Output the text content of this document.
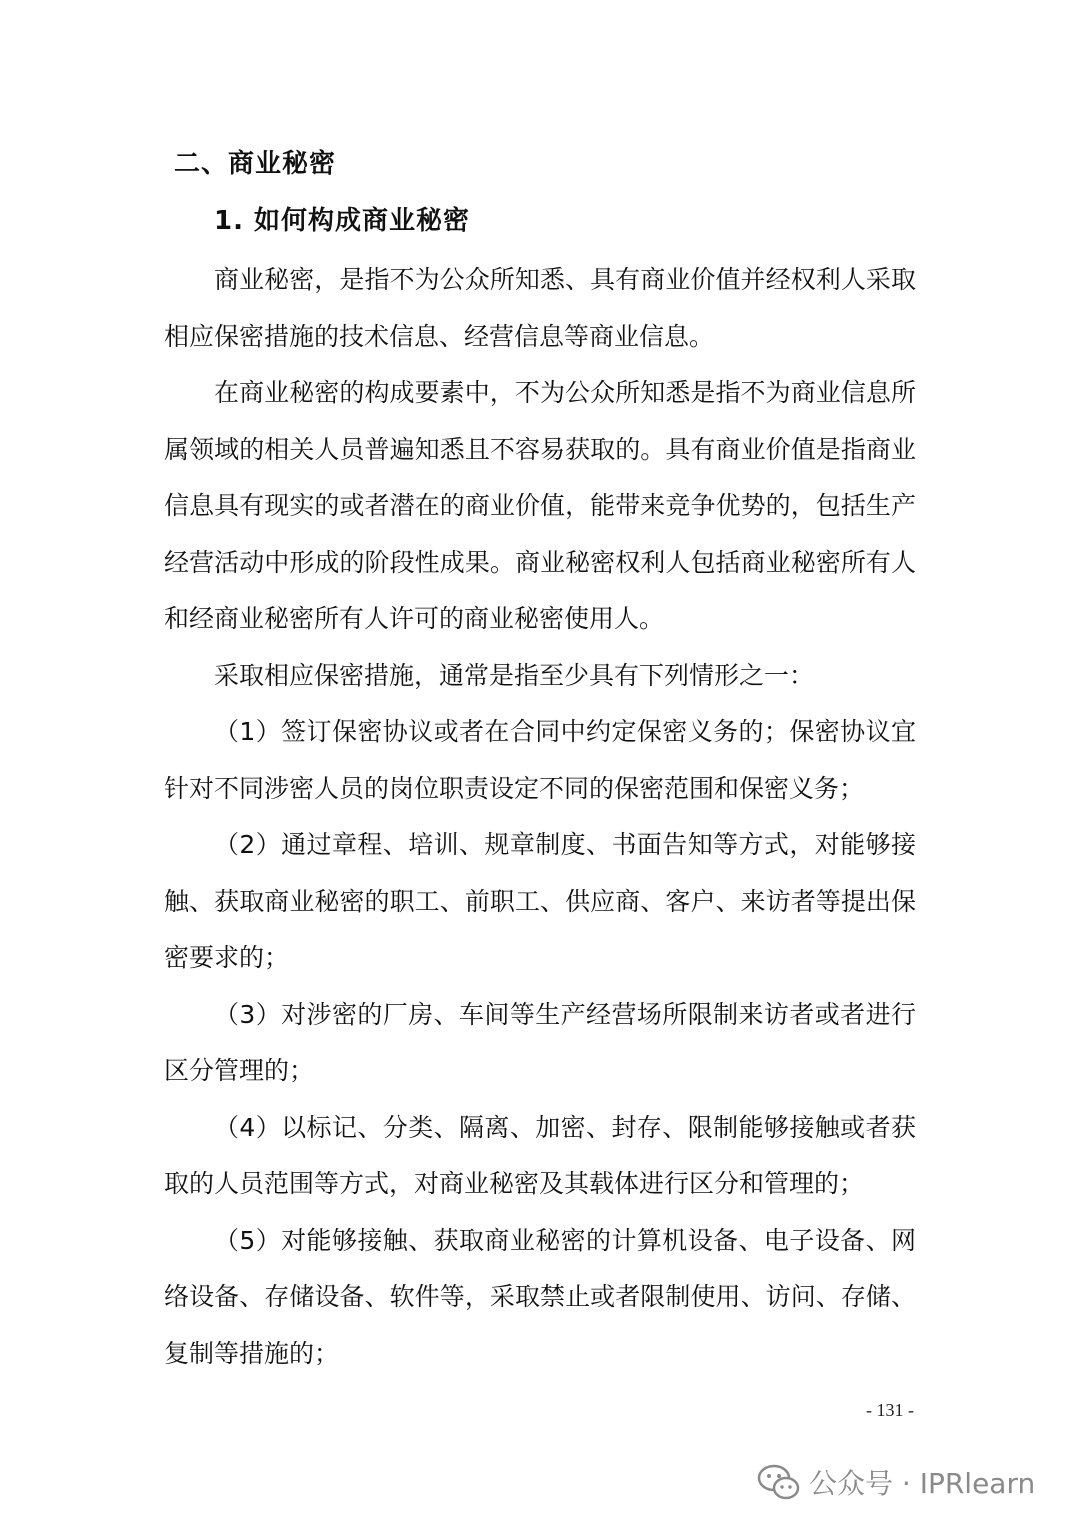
二、商业秘密
1. 如何构成商业秘密

商业秘密，是指不为公众所知悉、具有商业价值并经权利人采取相应保密措施的技术信息、经营信息等商业信息。

在商业秘密的构成要素中，不为公众所知悉是指不为商业信息所属领域的相关人员普遍知悉且不容易获取的。具有商业价值是指商业信息具有现实的或者潜在的商业价值，能带来竞争优势的，包括生产经营活动中形成的阶段性成果。商业秘密权利人包括商业秘密所有人和经商业秘密所有人许可的商业秘密使用人。

采取相应保密措施，通常是指至少具有下列情形之一：

（1）签订保密协议或者在合同中约定保密义务的；保密协议宜针对不同涉密人员的岗位职责设定不同的保密范围和保密义务；

（2）通过章程、培训、规章制度、书面告知等方式，对能够接触、获取商业秘密的职工、前职工、供应商、客户、来访者等提出保密要求的；

（3）对涉密的厂房、车间等生产经营场所限制来访者或者进行区分管理的；

（4）以标记、分类、隔离、加密、封存、限制能够接触或者获取的人员范围等方式，对商业秘密及其载体进行区分和管理的；

（5）对能够接触、获取商业秘密的计算机设备、电子设备、网络设备、存储设备、软件等，采取禁止或者限制使用、访问、存储、复制等措施的；

- 131 -
公众号 · IPRlearn
